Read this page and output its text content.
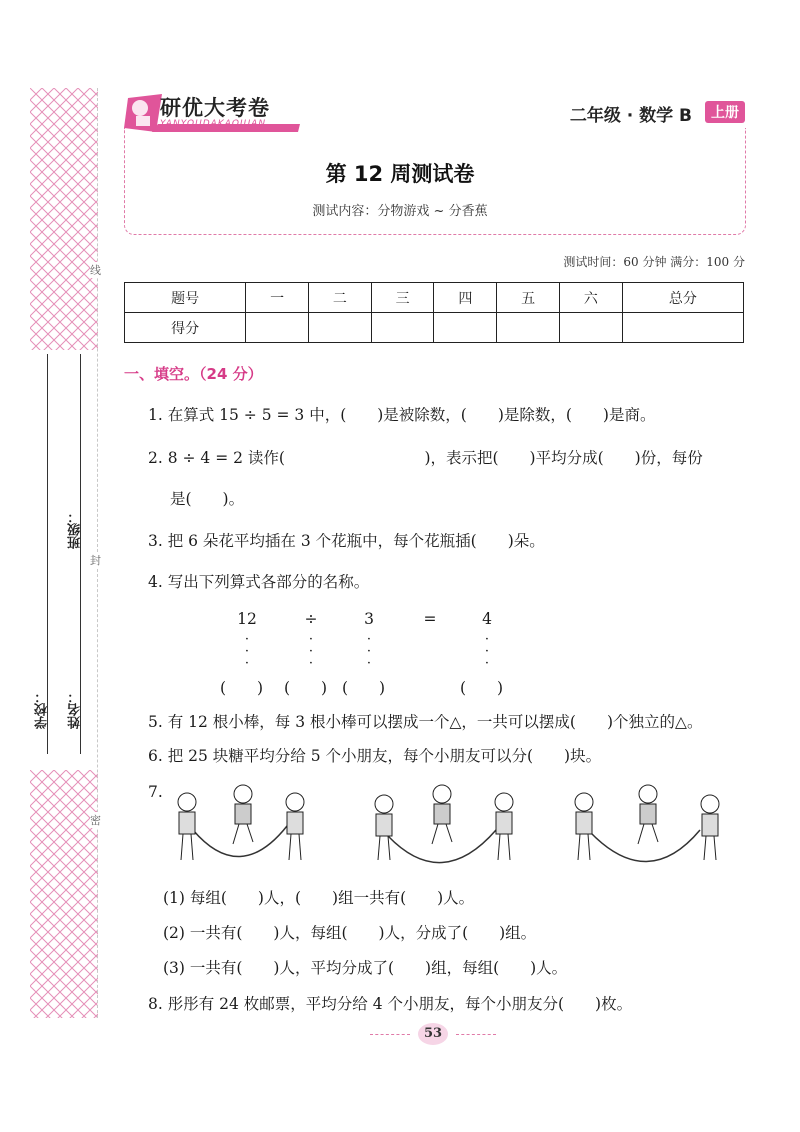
线
封
密
班级：
学校： 姓名：
研优大考卷
YANYOUDAKAOJUAN	二年级 · 数学 B	上册
第 12 周测试卷
测试内容：分物游戏 ~ 分香蕉
测试时间：60 分钟 满分：100 分
题号	一	二	三	四	五	六	总分
得分							
一、填空。（24 分）
1. 在算式 15 ÷ 5 = 3 中，(　　)是被除数，(　　)是除数，(　　)是商。
2. 8 ÷ 4 = 2 读作(　　　　　　　　　)，表示把(　　)平均分成(　　)份，每份
是(　　)。
3. 把 6 朵花平均插在 3 个花瓶中，每个花瓶插(　　)朵。
4. 写出下列算式各部分的名称。
12	÷	3	=	4
·
·
·
·
·
·
·
·
·
·
·
·
(　　) (　　) (　　)	(　　)
5. 有 12 根小棒，每 3 根小棒可以摆成一个△，一共可以摆成(　　)个独立的△。
6. 把 25 块糖平均分给 5 个小朋友，每个小朋友可以分(　　)块。
7.
(1) 每组(　　)人，(　　)组一共有(　　)人。
(2) 一共有(　　)人，每组(　　)人，分成了(　　)组。
(3) 一共有(　　)人，平均分成了(　　)组，每组(　　)人。
8. 彤彤有 24 枚邮票，平均分给 4 个小朋友，每个小朋友分(　　)枚。
53
